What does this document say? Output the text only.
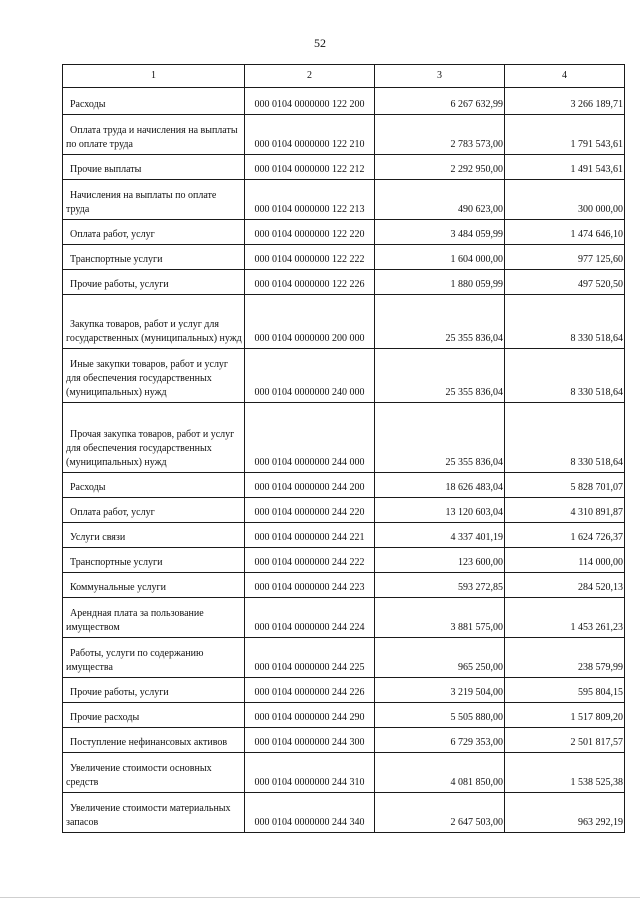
52
1	2	3	4

Расходы	000 0104 0000000 122 200	6 267 632,99	3 266 189,71

Оплата труда и начисления на выплаты по оплате труда	000 0104 0000000 122 210	2 783 573,00	1 791 543,61

Прочие выплаты	000 0104 0000000 122 212	2 292 950,00	1 491 543,61

Начисления на выплаты по оплате труда	000 0104 0000000 122 213	490 623,00	300 000,00

Оплата работ, услуг	000 0104 0000000 122 220	3 484 059,99	1 474 646,10

Транспортные услуги	000 0104 0000000 122 222	1 604 000,00	977 125,60

Прочие работы, услуги	000 0104 0000000 122 226	1 880 059,99	497 520,50

Закупка товаров, работ и услуг для государственных (муниципальных) нужд	000 0104 0000000 200 000	25 355 836,04	8 330 518,64

Иные закупки товаров, работ и услуг для обеспечения государственных (муниципальных) нужд	000 0104 0000000 240 000	25 355 836,04	8 330 518,64

Прочая закупка товаров, работ и услуг для обеспечения государственных (муниципальных) нужд	000 0104 0000000 244 000	25 355 836,04	8 330 518,64

Расходы	000 0104 0000000 244 200	18 626 483,04	5 828 701,07

Оплата работ, услуг	000 0104 0000000 244 220	13 120 603,04	4 310 891,87

Услуги связи	000 0104 0000000 244 221	4 337 401,19	1 624 726,37

Транспортные услуги	000 0104 0000000 244 222	123 600,00	114 000,00

Коммунальные услуги	000 0104 0000000 244 223	593 272,85	284 520,13

Арендная плата за пользование имуществом	000 0104 0000000 244 224	3 881 575,00	1 453 261,23

Работы, услуги по содержанию имущества	000 0104 0000000 244 225	965 250,00	238 579,99

Прочие работы, услуги	000 0104 0000000 244 226	3 219 504,00	595 804,15

Прочие расходы	000 0104 0000000 244 290	5 505 880,00	1 517 809,20

Поступление нефинансовых активов	000 0104 0000000 244 300	6 729 353,00	2 501 817,57

Увеличение стоимости основных средств	000 0104 0000000 244 310	4 081 850,00	1 538 525,38

Увеличение стоимости материальных запасов	000 0104 0000000 244 340	2 647 503,00	963 292,19
